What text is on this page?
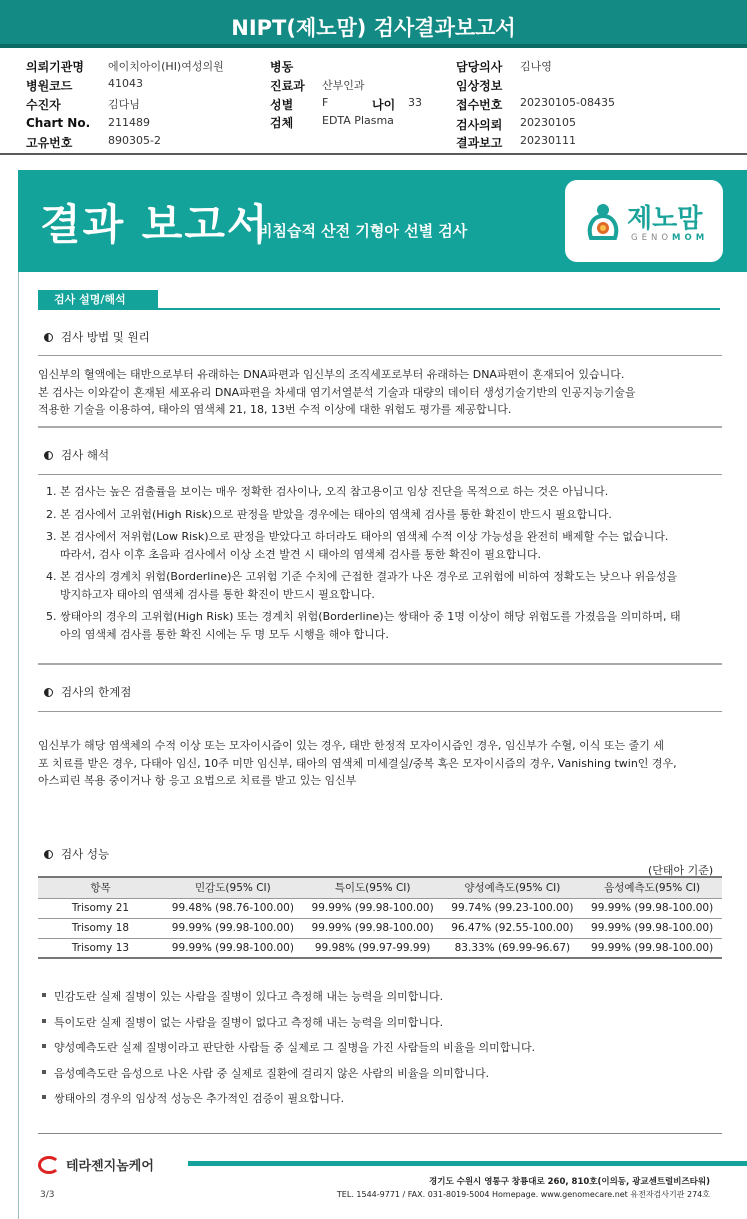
NIPT(제노맘) 검사결과보고서
의뢰기관명 에이치아이(HI)여성의원
병원코드	41043
수진자	김다님
Chart No. 211489
고유번호	890305-2
병동
진료과 산부인과
성별	F	나이 33
검체	EDTA Plasma
담당의사 김나영
임상정보
접수번호 20230105-08435
검사의뢰 20230105
결과보고 20230111
결과 보고서
비침습적 산전 기형아 선별 검사	제노맘
GENOMOM
검사 설명/해석
검사 방법 및 원리
임신부의 혈액에는 태반으로부터 유래하는 DNA파편과 임신부의 조직세포로부터 유래하는 DNA파편이 혼재되어 있습니다.
본 검사는 이와같이 혼재된 세포유리 DNA파편을 차세대 염기서열분석 기술과 대량의 데이터 생성기술기반의 인공지능기술을
적용한 기술을 이용하여, 태아의 염색체 21, 18, 13번 수적 이상에 대한 위험도 평가를 제공합니다.
검사 해석
1. 본 검사는 높은 검출률을 보이는 매우 정확한 검사이나, 오직 참고용이고 임상 진단을 목적으로 하는 것은 아닙니다.
2. 본 검사에서 고위험(High Risk)으로 판정을 받았을 경우에는 태아의 염색체 검사를 통한 확진이 반드시 필요합니다.
3. 본 검사에서 저위험(Low Risk)으로 판정을 받았다고 하더라도 태아의 염색체 수적 이상 가능성을 완전히 배제할 수는 없습니다.
따라서, 검사 이후 초음파 검사에서 이상 소견 발견 시 태아의 염색체 검사를 통한 확진이 필요합니다.
4. 본 검사의 경계치 위험(Borderline)은 고위험 기준 수치에 근접한 결과가 나온 경우로 고위험에 비하여 정확도는 낮으나 위음성을
방지하고자 태아의 염색체 검사를 통한 확진이 반드시 필요합니다.
5. 쌍태아의 경우의 고위험(High Risk) 또는 경계치 위험(Borderline)는 쌍태아 중 1명 이상이 해당 위험도를 가졌음을 의미하며, 태
아의 염색체 검사를 통한 확진 시에는 두 명 모두 시행을 해야 합니다.
검사의 한계점
임신부가 해당 염색체의 수적 이상 또는 모자이시즘이 있는 경우, 태반 한정적 모자이시즘인 경우, 임신부가 수혈, 이식 또는 줄기 세
포 치료를 받은 경우, 다태아 임신, 10주 미만 임신부, 태아의 염색체 미세결실/중복 혹은 모자이시즘의 경우, Vanishing twin인 경우,
아스피린 복용 중이거나 항 응고 요법으로 치료를 받고 있는 임신부
검사 성능
(단태아 기준)
항목	민감도(95% CI)	특이도(95% CI)	양성예측도(95% CI)	음성예측도(95% CI)
Trisomy 21	99.48% (98.76-100.00)	99.99% (99.98-100.00)	99.74% (99.23-100.00)	99.99% (99.98-100.00)
Trisomy 18	99.99% (99.98-100.00)	99.99% (99.98-100.00)	96.47% (92.55-100.00)	99.99% (99.98-100.00)
Trisomy 13	99.99% (99.98-100.00)	99.98% (99.97-99.99)	83.33% (69.99-96.67)	99.99% (99.98-100.00)
민감도란 실제 질병이 있는 사람을 질병이 있다고 측정해 내는 능력을 의미합니다.
특이도란 실제 질병이 없는 사람을 질병이 없다고 측정해 내는 능력을 의미합니다.
양성예측도란 실제 질병이라고 판단한 사람들 중 실제로 그 질병을 가진 사람들의 비율을 의미합니다.
음성예측도란 음성으로 나온 사람 중 실제로 질환에 걸리지 않은 사람의 비율을 의미합니다.
쌍태아의 경우의 임상적 성능은 추가적인 검증이 필요합니다.
테라젠지놈케어
경기도 수원시 영통구 창룡대로 260, 810호(이의동, 광교센트럴비즈타워)
TEL. 1544-9771 / FAX. 031-8019-5004 Homepage. www.genomecare.net 유전자검사기관 274호
3/3
